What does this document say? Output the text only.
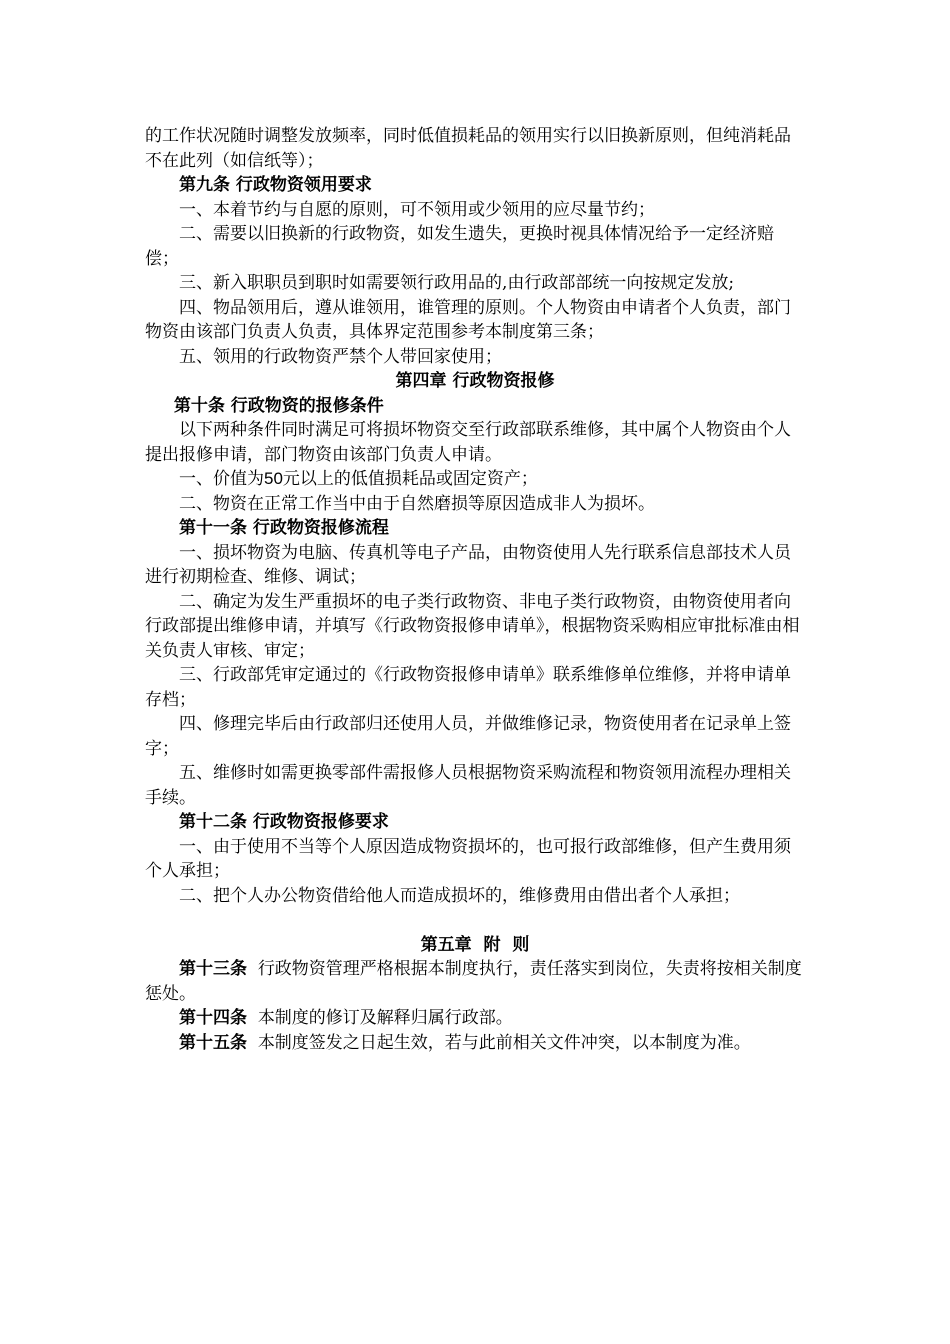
的工作状况随时调整发放频率，同时低值损耗品的领用实行以旧换新原则，但纯消耗品不在此列（如信纸等）；

第九条 行政物资领用要求

一、本着节约与自愿的原则，可不领用或少领用的应尽量节约；

二、需要以旧换新的行政物资，如发生遗失，更换时视具体情况给予一定经济赔偿；

三、新入职职员到职时如需要领行政用品的,由行政部部统一向按规定发放;

四、物品领用后，遵从谁领用，谁管理的原则。个人物资由申请者个人负责，部门物资由该部门负责人负责，具体界定范围参考本制度第三条；

五、领用的行政物资严禁个人带回家使用；

第四章 行政物资报修

第十条 行政物资的报修条件

以下两种条件同时满足可将损坏物资交至行政部联系维修，其中属个人物资由个人提出报修申请，部门物资由该部门负责人申请。

一、价值为50元以上的低值损耗品或固定资产；

二、物资在正常工作当中由于自然磨损等原因造成非人为损坏。

第十一条 行政物资报修流程

一、损坏物资为电脑、传真机等电子产品，由物资使用人先行联系信息部技术人员进行初期检查、维修、调试；

二、确定为发生严重损坏的电子类行政物资、非电子类行政物资，由物资使用者向行政部提出维修申请，并填写《行政物资报修申请单》，根据物资采购相应审批标准由相关负责人审核、审定；

三、行政部凭审定通过的《行政物资报修申请单》联系维修单位维修，并将申请单存档；

四、修理完毕后由行政部归还使用人员，并做维修记录，物资使用者在记录单上签字；

五、维修时如需更换零部件需报修人员根据物资采购流程和物资领用流程办理相关手续。

第十二条 行政物资报修要求

一、由于使用不当等个人原因造成物资损坏的，也可报行政部维修，但产生费用须个人承担；

二、把个人办公物资借给他人而造成损坏的，维修费用由借出者个人承担；

第五章  附  则

第十三条 行政物资管理严格根据本制度执行，责任落实到岗位，失责将按相关制度惩处。

第十四条 本制度的修订及解释归属行政部。

第十五条 本制度签发之日起生效，若与此前相关文件冲突，以本制度为准。
